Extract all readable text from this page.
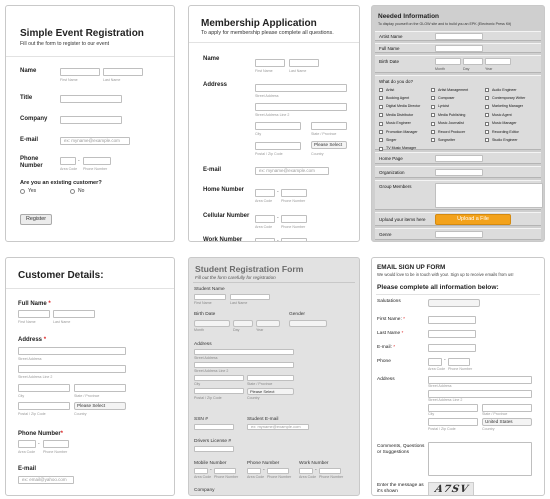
Simple Event Registration
Fill out the form to register to our event
Name
First Name	Last Name
Title
Company
E-mail	ex: myname@example.com
Phone Number
-
Area Code Phone Number
Are you an existing customer?
Yes	No
Register
Membership Application
To apply for membership please complete all questions.
Name
First Name	Last Name
Address
Street Address
Street Address Line 2
City	State / Province
Please Select
Postal / Zip Code	Country
E-mail	ex: myname@example.com
Home Number	-
Area Code Phone Number
Cellular Number	-
Area Code Phone Number
Work Number	-
Needed Information
To display yourself on the GLOW site and to build you an EPK (Electronic Press Kit)
Artist Name
Full Name
Birth Date
Month	Day	Year
What do you do?
Artist	Artist Management	Audio Engineer
Booking Agent	Composer	Contemporary Writer
Digital Media Director	Lyricist	Marketing Manager
Media Distributor	Media Publishing	Music Agent
Music Engineer	Music Journalist	Music Manager
Promotion Manager	Record Producer	Recording Editor
Singer	Songwriter	Studio Engineer
TV Music Manager
Home Page
Organization
Group Members
Upload your items here	Upload a File
Genre
Customer Details:
Full Name *
First Name	Last Name
Address *
Street Address
Street Address Line 2
City	State / Province
Please Select
Postal / Zip Code	Country
Phone Number*
-
Area Code Phone Number
E-mail
ex: email@yahoo.com
Student Registration Form
Fill out the form carefully for registration
Student Name
First Name	Last Name
Birth Date
Month	Day	Year
Gender
Address
Street Address
Street Address Line 2
City	State / Province
Please Select
Postal / Zip Code	Country
SSN #	Student E-mail
ex: myname@example.com
Drivers License #
Mobile Number
-
Area Code Phone Number
Phone Number
-
Area Code Phone Number
Work Number
-
Area Code Phone Number
Company
EMAIL SIGN UP FORM
We would love to be in touch with you!. Sign up to receive emails from us!
Please complete all information below:
Salutations
First Name: *
Last Name *
E-mail: *
Phone	-
Area Code Phone Number
Address
Street Address
Street Address Line 2
City	State / Province
United States
Postal / Zip Code	Country
Comments, Questions or Suggestions
Enter the message as it's shown	A7SV
